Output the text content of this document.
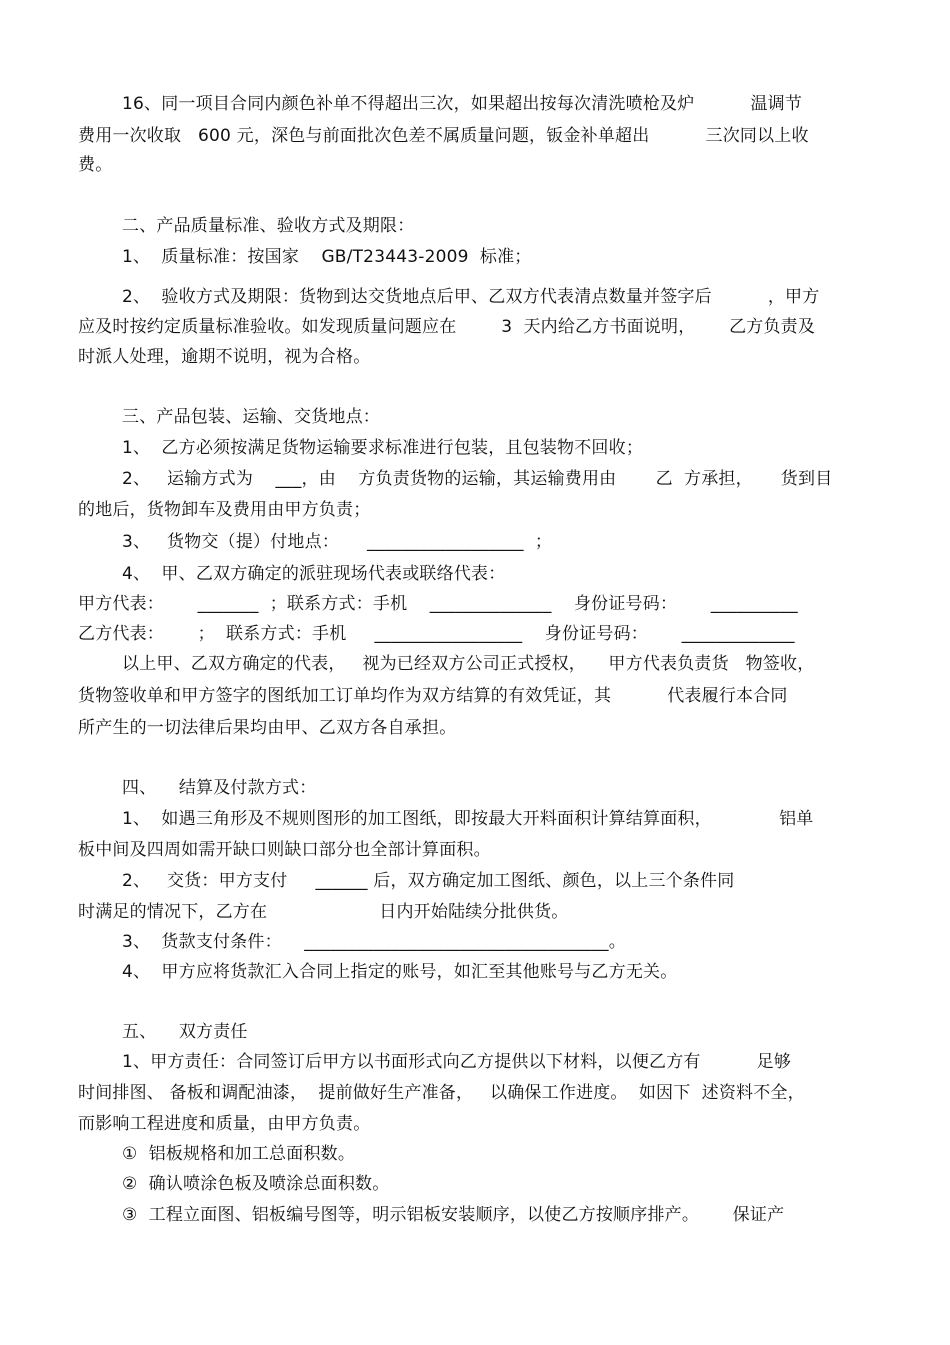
16、同一项目合同内颜色补单不得超出三次，如果超出按每次清洗喷枪及炉          温调节
费用一次收取   600 元，深色与前面批次色差不属质量问题，钣金补单超出          三次同以上收
费。
二、产品质量标准、验收方式及期限：
1、  质量标准：按国家    GB/T23443-2009  标准；
2、  验收方式及期限：货物到达交货地点后甲、乙双方代表清点数量并签字后          ，甲方
应及时按约定质量标准验收。如发现质量问题应在        3  天内给乙方书面说明，      乙方负责及
时派人处理，逾期不说明，视为合格。
三、产品包装、运输、交货地点：
1、  乙方必须按满足货物运输要求标准进行包装，且包装物不回收；
2、   运输方式为    ___，由    方负责货物的运输，其运输费用由       乙  方承担，     货到目
的地后，货物卸车及费用由甲方负责；
3、   货物交（提）付地点：     __________________  ；
4、  甲、乙双方确定的派驻现场代表或联络代表：
甲方代表：      _______  ；联系方式：手机    ______________    身份证号码：      __________
乙方代表：      ；  联系方式：手机     _________________    身份证号码：      _____________
以上甲、乙双方确定的代表，   视为已经双方公司正式授权，    甲方代表负责货   物签收，
货物签收单和甲方签字的图纸加工订单均作为双方结算的有效凭证，其          代表履行本合同
所产生的一切法律后果均由甲、乙双方各自承担。
四、    结算及付款方式：
1、  如遇三角形及不规则图形的加工图纸，即按最大开料面积计算结算面积，            铝单
板中间及四周如需开缺口则缺口部分也全部计算面积。
2、   交货：甲方支付     ______ 后，双方确定加工图纸、颜色，以上三个条件同
时满足的情况下，乙方在                    日内开始陆续分批供货。
3、  货款支付条件：    ___________________________________。
4、  甲方应将货款汇入合同上指定的账号，如汇至其他账号与乙方无关。
五、    双方责任
1、甲方责任：合同签订后甲方以书面形式向乙方提供以下材料，以便乙方有          足够
时间排图、 备板和调配油漆，  提前做好生产准备，   以确保工作进度。  如因下  述资料不全，
而影响工程进度和质量，由甲方负责。
①  铝板规格和加工总面积数。
②  确认喷涂色板及喷涂总面积数。
③  工程立面图、铝板编号图等，明示铝板安装顺序，以使乙方按顺序排产。      保证产
